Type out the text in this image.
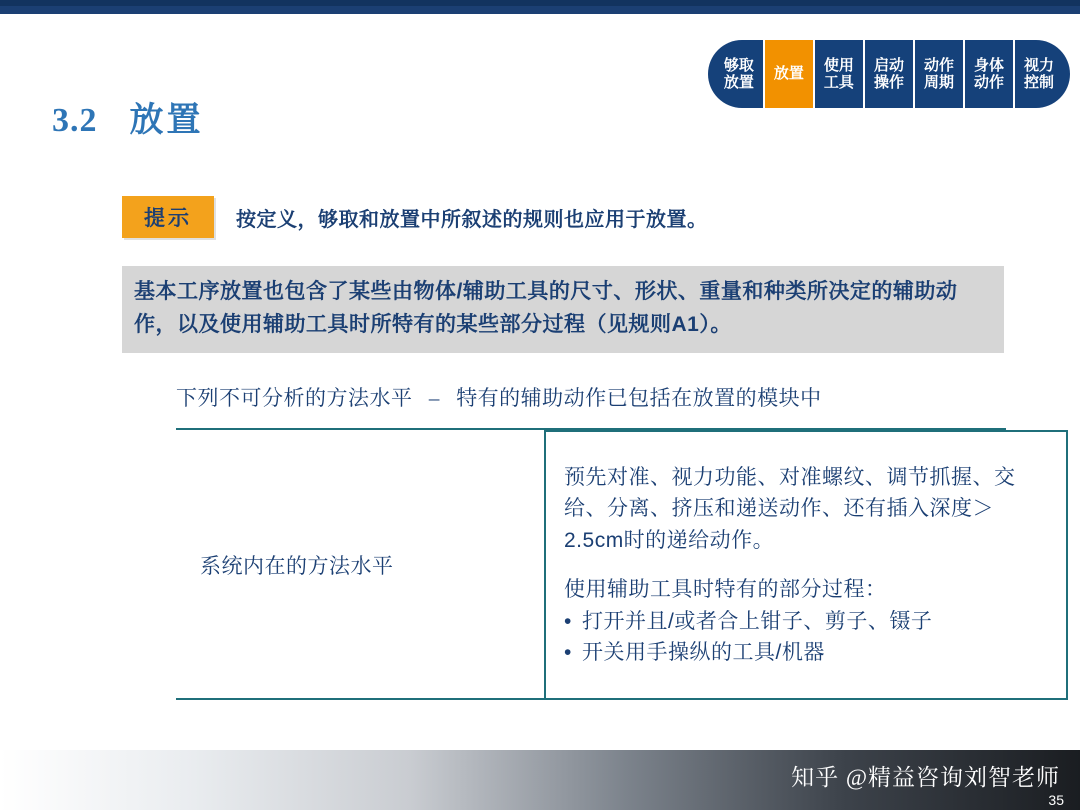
够取
放置
放置
使用
工具
启动
操作
动作
周期
身体
动作
视力
控制
3.2 放置
提示	按定义，够取和放置中所叙述的规则也应用于放置。
基本工序放置也包含了某些由物体/辅助工具的尺寸、形状、重量和种类所决定的辅助动作，以及使用辅助工具时所特有的某些部分过程（见规则A1）。
下列不可分析的方法水平 – 特有的辅助动作已包括在放置的模块中
系统内在的方法水平	

预先对准、视力功能、对准螺纹、调节抓握、交给、分离、挤压和递送动作、还有插入深度＞2.5cm时的递给动作。

使用辅助工具时特有的部分过程：
• 打开并且/或者合上钳子、剪子、镊子
• 开关用手操纵的工具/机器

知乎 @精益咨询刘智老师
35
